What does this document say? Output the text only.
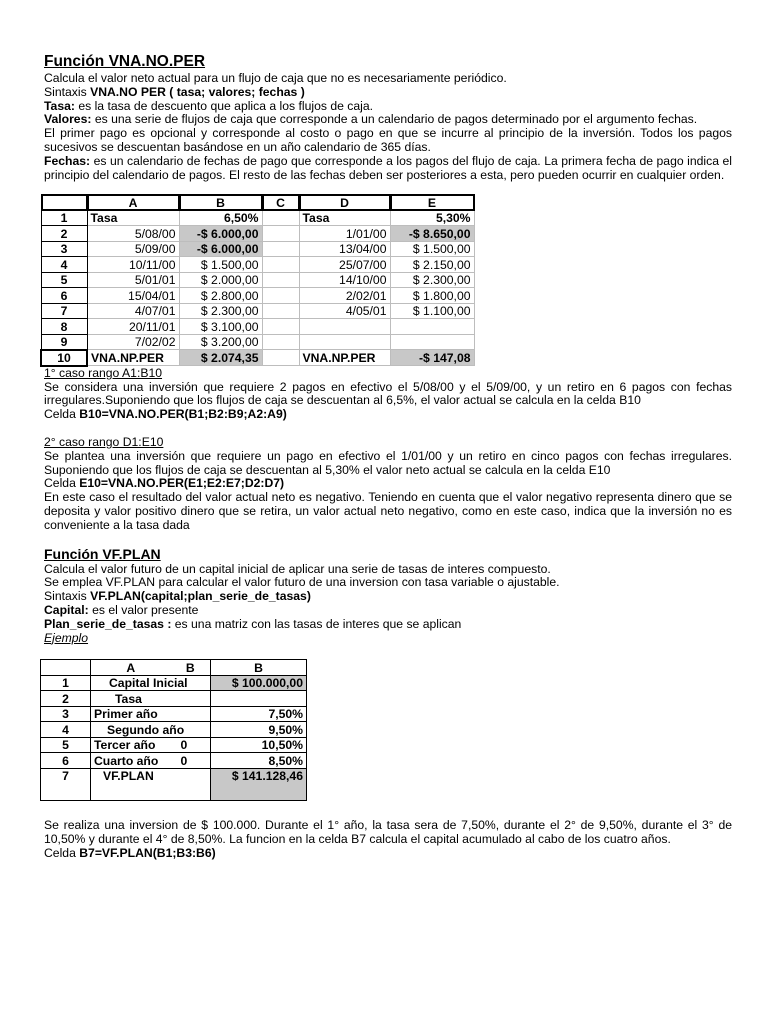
Función VNA.NO.PER

Calcula el valor neto actual para un flujo de caja que no es necesariamente periódico.

Sintaxis VNA.NO PER ( tasa; valores; fechas )

Tasa: es la tasa de descuento que aplica a los flujos de caja.

Valores: es una serie de flujos de caja que corresponde a un calendario de pagos determinado por el argumento fechas.

El primer pago es opcional y corresponde al costo o pago en que se incurre al principio de la inversión. Todos los pagos sucesivos se descuentan basándose en un año calendario de 365 días.

Fechas: es un calendario de fechas de pago que corresponde a los pagos del flujo de caja. La primera fecha de pago indica el principio del calendario de pagos. El resto de las fechas deben ser posteriores a esta, pero pueden ocurrir en cualquier orden.

	A	B	C	D	E
1	Tasa	6,50%		Tasa	5,30%
2	5/08/00	-$ 6.000,00		1/01/00	-$ 8.650,00
3	5/09/00	-$ 6.000,00		13/04/00	$ 1.500,00
4	10/11/00	$ 1.500,00		25/07/00	$ 2.150,00
5	5/01/01	$ 2.000,00		14/10/00	$ 2.300,00
6	15/04/01	$ 2.800,00		2/02/01	$ 1.800,00
7	4/07/01	$ 2.300,00		4/05/01	$ 1.100,00
8	20/11/01	$ 3.100,00			
9	7/02/02	$ 3.200,00			
10	VNA.NP.PER	$ 2.074,35		VNA.NP.PER	-$ 147,08

1° caso rango A1:B10

Se considera una inversión que requiere 2 pagos en efectivo el 5/08/00 y el 5/09/00, y un retiro en 6 pagos con fechas irregulares.Suponiendo que los flujos de caja se descuentan al 6,5%, el valor actual se calcula en la celda B10

Celda B10=VNA.NO.PER(B1;B2:B9;A2:A9)

2° caso rango D1:E10

Se plantea una inversión que requiere un pago en efectivo el 1/01/00 y un retiro en cinco pagos con fechas irregulares. Suponiendo que los flujos de caja se descuentan al 5,30% el valor neto actual se calcula en la celda E10

Celda E10=VNA.NO.PER(E1;E2:E7;D2:D7)

En este caso el resultado del valor actual neto es negativo. Teniendo en cuenta que el valor negativo representa dinero que se deposita y valor positivo dinero que se retira, un valor actual neto negativo, como en este caso, indica que la inversión no es conveniente a la tasa dada

Función VF.PLAN

Calcula el valor futuro de un capital inicial de aplicar una serie de tasas de interes compuesto.

Se emplea VF.PLAN para calcular el valor futuro de una inversion con tasa variable o ajustable.

Sintaxis VF.PLAN(capital;plan_serie_de_tasas)

Capital: es el valor presente

Plan_serie_de_tasas : es una matriz con las tasas de interes que se aplican

Ejemplo

	A	B	B
1	Capital Inicial		$ 100.000,00
2	Tasa		
3	Primer año		7,50%
4	Segundo año		9,50%
5	Tercer año	0	10,50%
6	Cuarto año	0	8,50%
7	VF.PLAN		$ 141.128,46

Se realiza una inversion de $ 100.000. Durante el 1° año, la tasa sera de 7,50%, durante el 2° de 9,50%, durante el 3° de 10,50% y durante el 4° de 8,50%. La funcion en la celda B7 calcula el capital acumulado al cabo de los cuatro años.

Celda B7=VF.PLAN(B1;B3:B6)
